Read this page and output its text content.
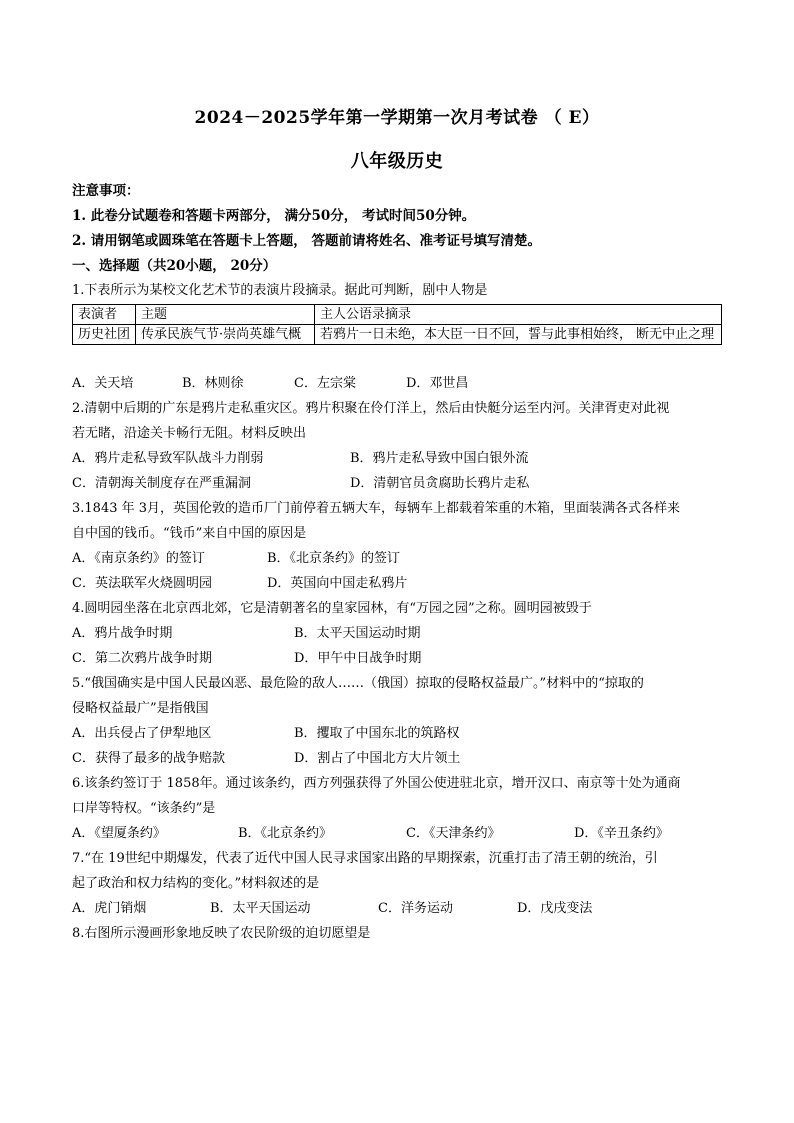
2024－2025学年第一学期第一次月考试卷 （ E）
八年级历史
注意事项：
1. 此卷分试题卷和答题卡两部分， 满分50分， 考试时间50分钟。
2. 请用钢笔或圆珠笔在答题卡上答题， 答题前请将姓名、准考证号填写清楚。
一、选择题（共20小题， 20分）
1.下表所示为某校文化艺术节的表演片段摘录。据此可判断，剧中人物是
表演者	主题	主人公语录摘录
历史社团	传承民族气节·崇尚英雄气概	若鸦片一日未绝，本大臣一日不回，誓与此事相始终， 断无中止之理
A．关天培	B．林则徐	C．左宗棠	D．邓世昌
2.清朝中后期的广东是鸦片走私重灾区。鸦片积聚在伶仃洋上，然后由快艇分运至内河。关津胥吏对此视
若无睹，沿途关卡畅行无阻。材料反映出
A．鸦片走私导致军队战斗力削弱	B．鸦片走私导致中国白银外流
C．清朝海关制度存在严重漏洞	D．清朝官员贪腐助长鸦片走私
3.1843 年 3月，英国伦敦的造币厂门前停着五辆大车，每辆车上都载着笨重的木箱，里面装满各式各样来
自中国的钱币。“钱币”来自中国的原因是
A．《南京条约》的签订	B．《北京条约》的签订
C．英法联军火烧圆明园	D．英国向中国走私鸦片
4.圆明园坐落在北京西北郊，它是清朝著名的皇家园林，有“万园之园”之称。圆明园被毁于
A．鸦片战争时期	B．太平天国运动时期
C．第二次鸦片战争时期	D．甲午中日战争时期
5.“俄国确实是中国人民最凶恶、最危险的敌人……（俄国）掠取的侵略权益最广。”材料中的“掠取的
侵略权益最广”是指俄国
A．出兵侵占了伊犁地区	B．攫取了中国东北的筑路权
C．获得了最多的战争赔款	D．割占了中国北方大片领土
6.该条约签订于 1858年。通过该条约，西方列强获得了外国公使进驻北京，增开汉口、南京等十处为通商
口岸等特权。“该条约”是
A．《望厦条约》	B．《北京条约》	C．《天津条约》	D．《辛丑条约》
7.“在 19世纪中期爆发，代表了近代中国人民寻求国家出路的早期探索，沉重打击了清王朝的统治，引
起了政治和权力结构的变化。”材料叙述的是
A．虎门销烟	B．太平天国运动	C．洋务运动	D．戊戌变法
8.右图所示漫画形象地反映了农民阶级的迫切愿望是
